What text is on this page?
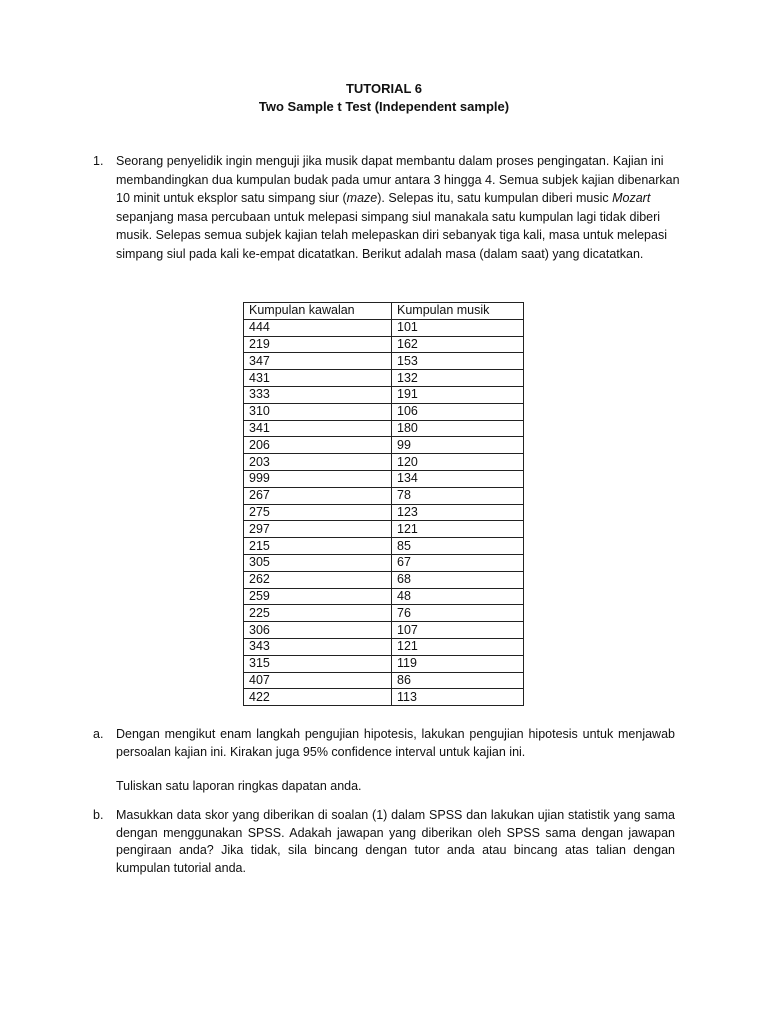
TUTORIAL 6
Two Sample t Test (Independent sample)
1. Seorang penyelidik ingin menguji jika musik dapat membantu dalam proses pengingatan. Kajian ini membandingkan dua kumpulan budak pada umur antara 3 hingga 4. Semua subjek kajian dibenarkan 10 minit untuk eksplor satu simpang siur (maze). Selepas itu, satu kumpulan diberi music Mozart sepanjang masa percubaan untuk melepasi simpang siul manakala satu kumpulan lagi tidak diberi musik. Selepas semua subjek kajian telah melepaskan diri sebanyak tiga kali, masa untuk melepasi simpang siul pada kali ke-empat dicatatkan. Berikut adalah masa (dalam saat) yang dicatatkan.

Kumpulan kawalan	Kumpulan musik
444	101
219	162
347	153
431	132
333	191
310	106
341	180
206	99
203	120
999	134
267	78
275	123
297	121
215	85
305	67
262	68
259	48
225	76
306	107
343	121
315	119
407	86
422	113
a. Dengan mengikut enam langkah pengujian hipotesis, lakukan pengujian hipotesis untuk menjawab persoalan kajian ini. Kirakan juga 95% confidence interval untuk kajian ini.

Tuliskan satu laporan ringkas dapatan anda.

b. Masukkan data skor yang diberikan di soalan (1) dalam SPSS dan lakukan ujian statistik yang sama dengan menggunakan SPSS. Adakah jawapan yang diberikan oleh SPSS sama dengan jawapan pengiraan anda? Jika tidak, sila bincang dengan tutor anda atau bincang atas talian dengan kumpulan tutorial anda.
